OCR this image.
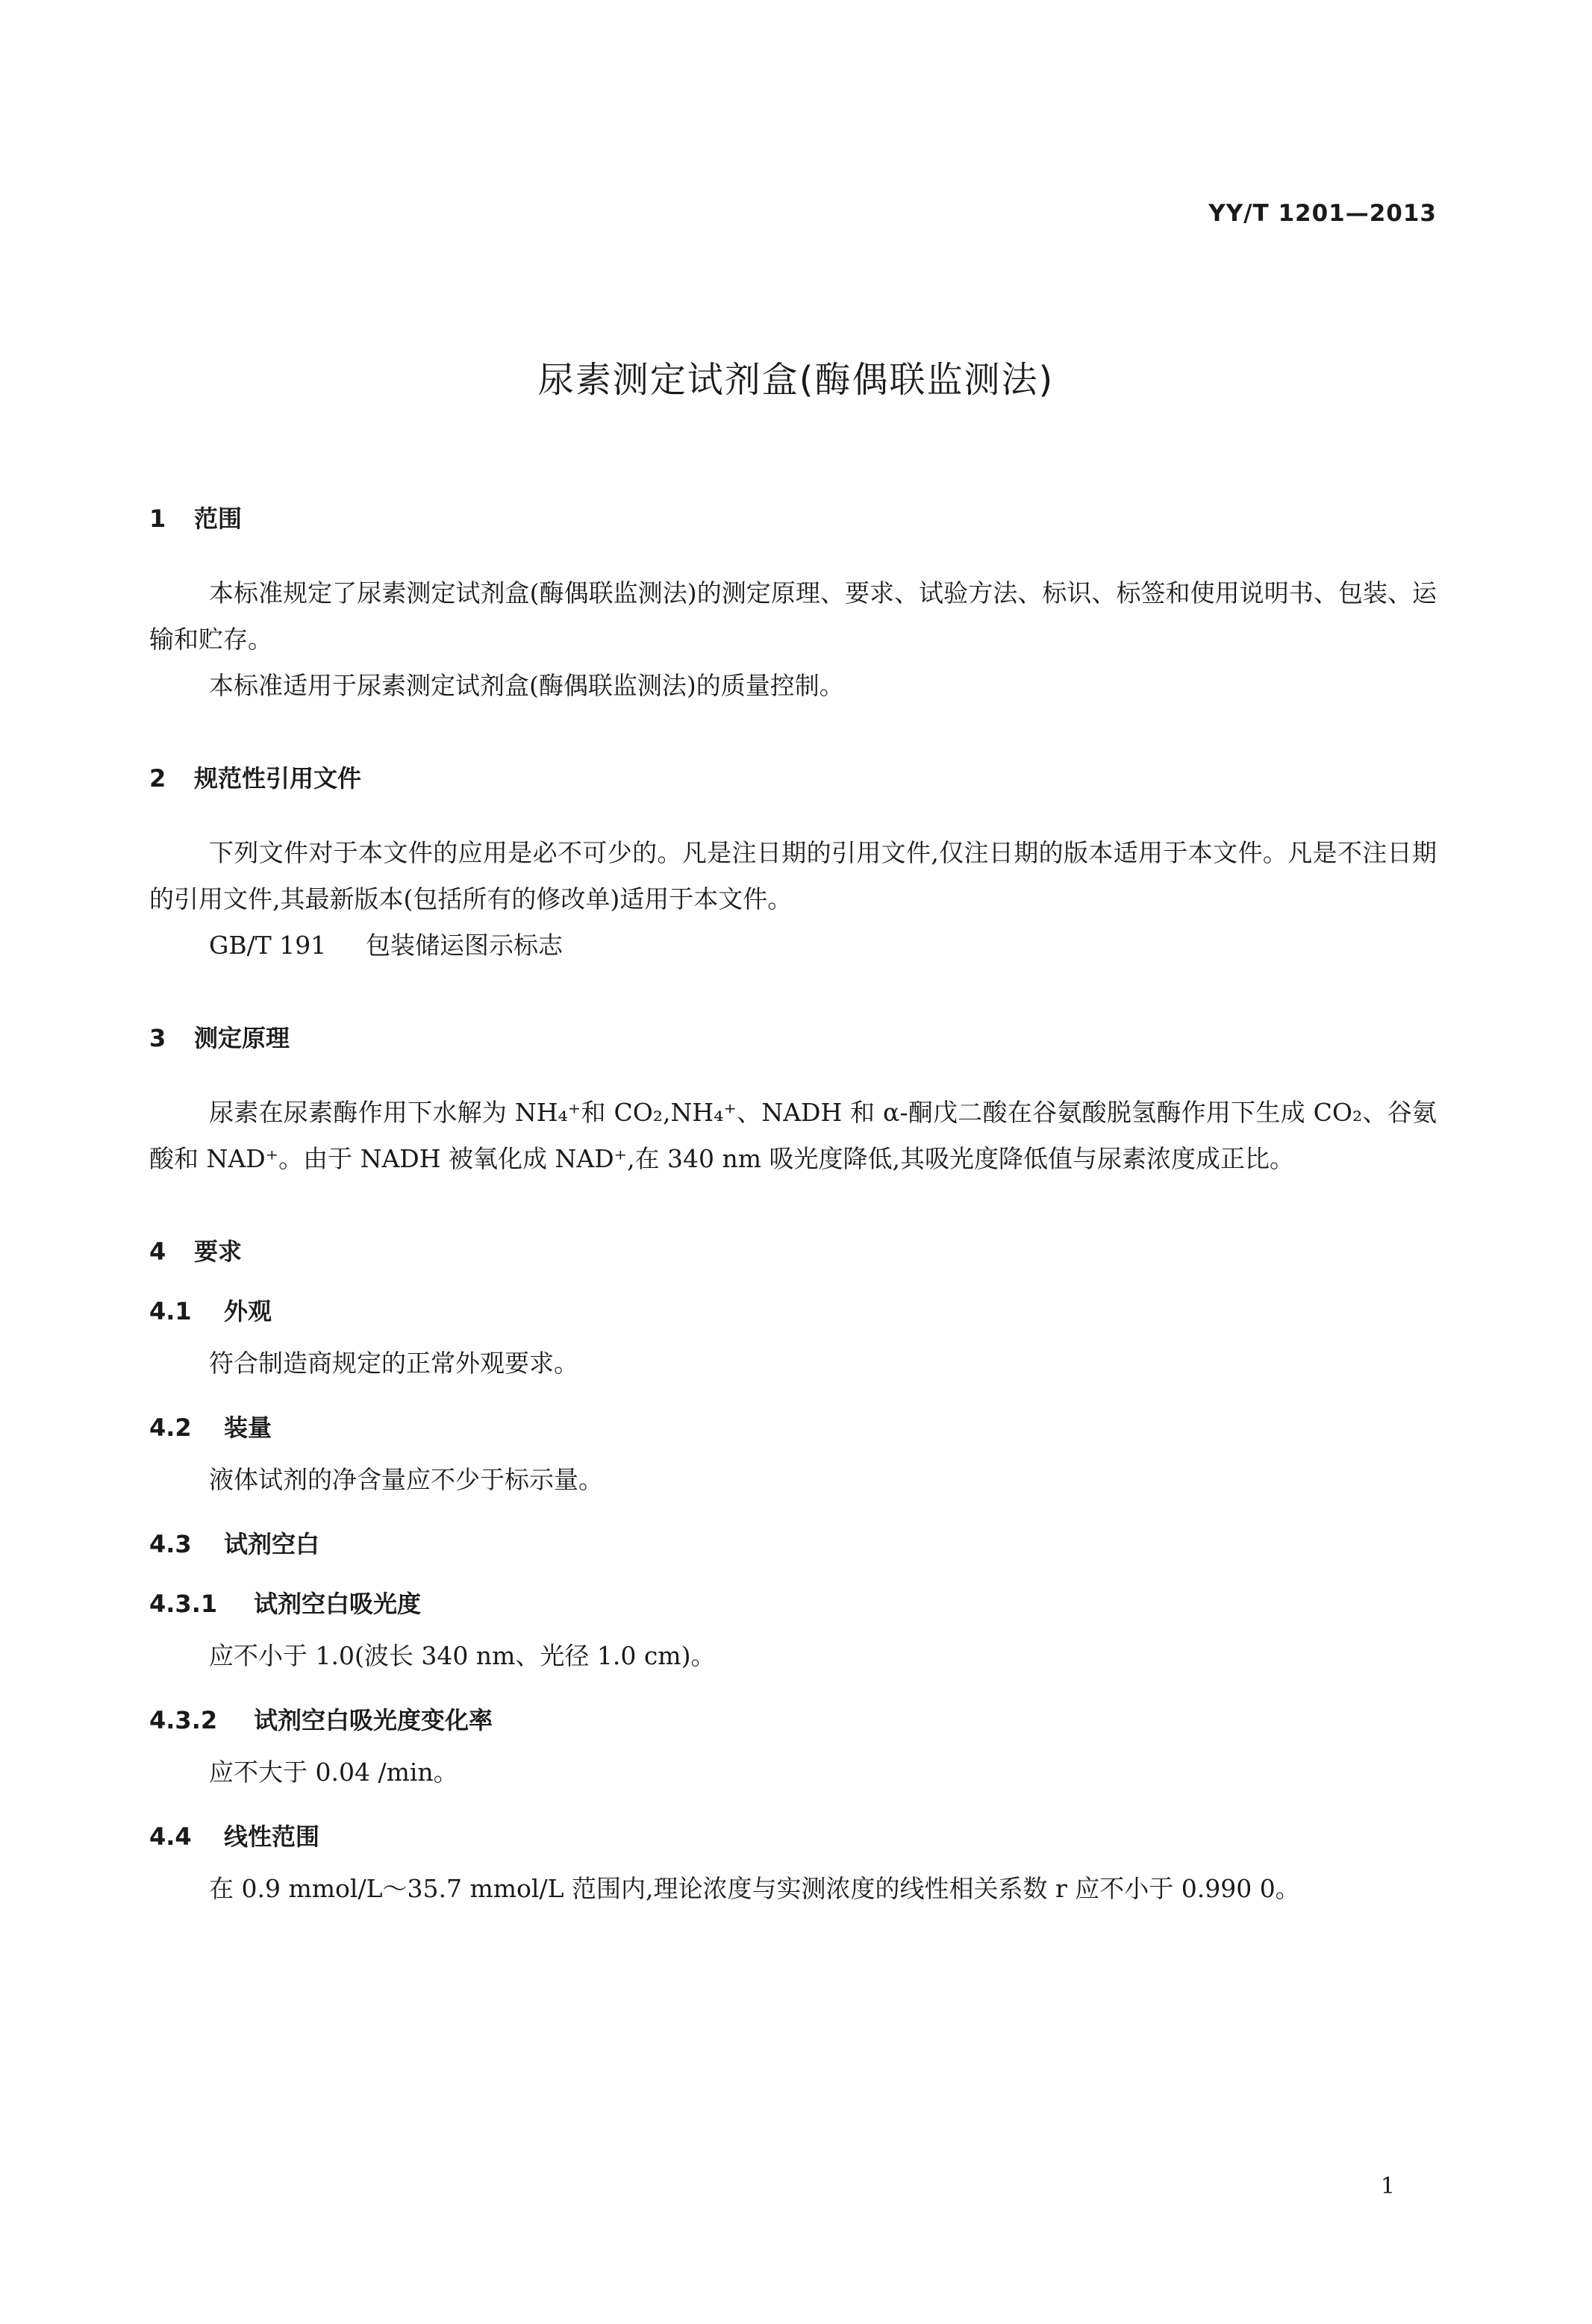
YY/T 1201—2013
尿素测定试剂盒(酶偶联监测法)
1 范围
本标准规定了尿素测定试剂盒(酶偶联监测法)的测定原理、要求、试验方法、标识、标签和使用说明书、包装、运输和贮存。
本标准适用于尿素测定试剂盒(酶偶联监测法)的质量控制。
2 规范性引用文件
下列文件对于本文件的应用是必不可少的。凡是注日期的引用文件,仅注日期的版本适用于本文件。凡是不注日期的引用文件,其最新版本(包括所有的修改单)适用于本文件。
GB/T 191 包装储运图示标志
3 测定原理
尿素在尿素酶作用下水解为 NH₄⁺和 CO₂,NH₄⁺、NADH 和 α-酮戊二酸在谷氨酸脱氢酶作用下生成 CO₂、谷氨酸和 NAD⁺。由于 NADH 被氧化成 NAD⁺,在 340 nm 吸光度降低,其吸光度降低值与尿素浓度成正比。
4 要求
4.1 外观
符合制造商规定的正常外观要求。
4.2 装量
液体试剂的净含量应不少于标示量。
4.3 试剂空白
4.3.1 试剂空白吸光度
应不小于 1.0(波长 340 nm、光径 1.0 cm)。
4.3.2 试剂空白吸光度变化率
应不大于 0.04 /min。
4.4 线性范围
在 0.9 mmol/L～35.7 mmol/L 范围内,理论浓度与实测浓度的线性相关系数 r 应不小于 0.990 0。
1
